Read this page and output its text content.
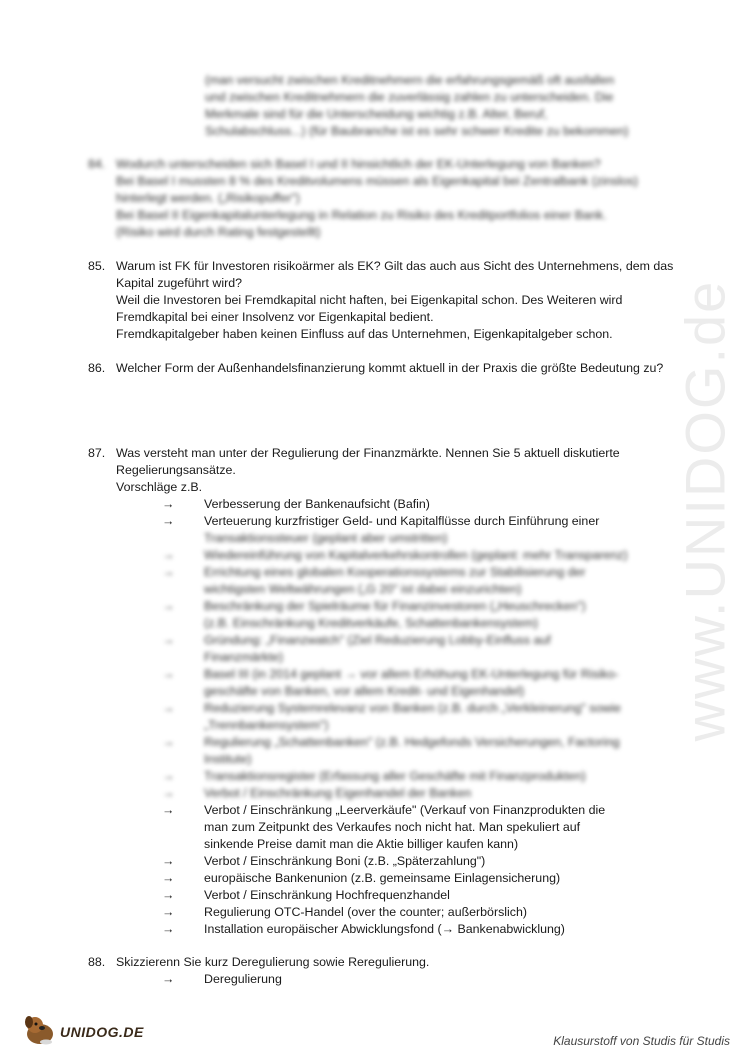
www.UNIDOG.de
(man versucht zwischen Kreditnehmern die erfahrungsgemäß oft ausfallen
und zwischen Kreditnehmern die zuverlässig zahlen zu unterscheiden. Die
Merkmale sind für die Unterscheidung wichtig z.B. Alter, Beruf,
Schulabschluss...) (für Baubranche ist es sehr schwer Kredite zu bekommen)
84. Wodurch unterscheiden sich Basel I und II hinsichtlich der EK-Unterlegung von Banken?
Bei Basel I mussten 8 % des Kreditvolumens müssen als Eigenkapital bei Zentralbank (zinslos)
hinterlegt werden. („Risikopuffer")
Bei Basel II Eigenkapitalunterlegung in Relation zu Risiko des Kreditportfolios einer Bank.
(Risiko wird durch Rating festgestellt)
85. Warum ist FK für Investoren risikoärmer als EK? Gilt das auch aus Sicht des Unternehmens, dem das
Kapital zugeführt wird?
Weil die Investoren bei Fremdkapital nicht haften, bei Eigenkapital schon. Des Weiteren wird
Fremdkapital bei einer Insolvenz vor Eigenkapital bedient.
Fremdkapitalgeber haben keinen Einfluss auf das Unternehmen, Eigenkapitalgeber schon.
86. Welcher Form der Außenhandelsfinanzierung kommt aktuell in der Praxis die größte Bedeutung zu?
87. Was versteht man unter der Regulierung der Finanzmärkte. Nennen Sie 5 aktuell diskutierte
Regelierungsansätze.
Vorschläge z.B.
→	Verbesserung der Bankenaufsicht (Bafin)
→	Verteuerung kurzfristiger Geld- und Kapitalflüsse durch Einführung einer
Transaktionssteuer (geplant aber umstritten)
→	Wiedereinführung von Kapitalverkehrskontrollen (geplant: mehr Transparenz)
→	Errichtung eines globalen Kooperationssystems zur Stabilisierung der
wichtigsten Weltwährungen („G 20" ist dabei einzurichten)
→	Beschränkung der Spielräume für Finanzinvestoren („Heuschrecken")
(z.B. Einschränkung Kreditverkäufe, Schattenbankensystem)
→	Gründung: „Finanzwatch" (Ziel Reduzierung Lobby-Einfluss auf
Finanzmärkte)
→	Basel III (in 2014 geplant → vor allem Erhöhung EK-Unterlegung für Risiko-
geschäfte von Banken, vor allem Kredit- und Eigenhandel)
→	Reduzierung Systemrelevanz von Banken (z.B. durch „Verkleinerung" sowie
„Trennbankensystem")
→	Regulierung „Schattenbanken" (z.B. Hedgefonds Versicherungen, Factoring
Institute)
→	Transaktionsregister (Erfassung aller Geschäfte mit Finanzprodukten)
→	Verbot / Einschränkung Eigenhandel der Banken
→	Verbot / Einschränkung „Leerverkäufe" (Verkauf von Finanzprodukten die
man zum Zeitpunkt des Verkaufes noch nicht hat. Man spekuliert auf
sinkende Preise damit man die Aktie billiger kaufen kann)
→	Verbot / Einschränkung Boni (z.B. „Späterzahlung")
→	europäische Bankenunion (z.B. gemeinsame Einlagensicherung)
→	Verbot / Einschränkung Hochfrequenzhandel
→	Regulierung OTC-Handel (over the counter; außerbörslich)
→	Installation europäischer Abwicklungsfond (→ Bankenabwicklung)
88. Skizzierenn Sie kurz Deregulierung sowie Reregulierung.
→	Deregulierung
UNIDOG.DE
Klausurstoff von Studis für Studis
